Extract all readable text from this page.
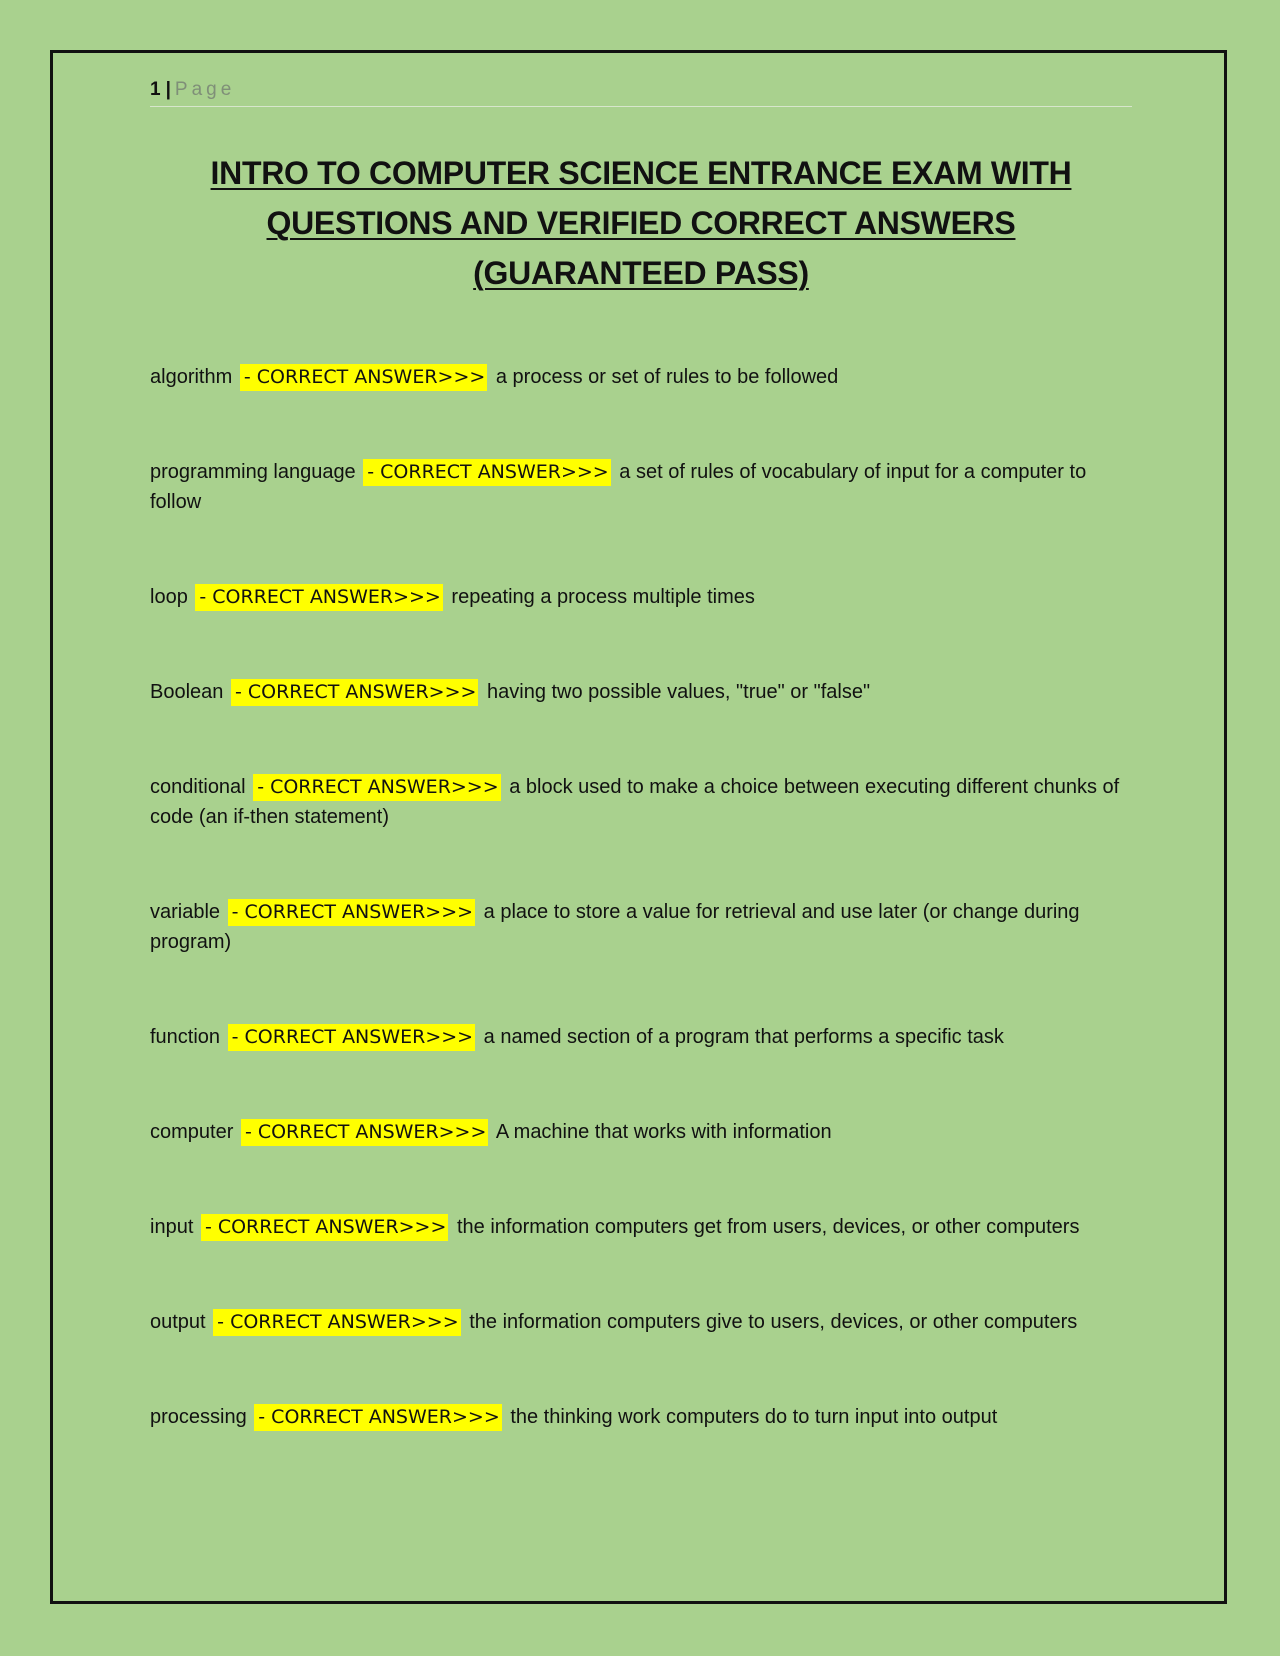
1 | Page
INTRO TO COMPUTER SCIENCE ENTRANCE EXAM WITH QUESTIONS AND VERIFIED CORRECT ANSWERS (GUARANTEED PASS)

algorithm - CORRECT ANSWER>>> a process or set of rules to be followed

programming language - CORRECT ANSWER>>> a set of rules of vocabulary of input for a computer to follow

loop - CORRECT ANSWER>>> repeating a process multiple times

Boolean - CORRECT ANSWER>>> having two possible values, "true" or "false"

conditional - CORRECT ANSWER>>> a block used to make a choice between executing different chunks of code (an if-then statement)

variable - CORRECT ANSWER>>> a place to store a value for retrieval and use later (or change during program)

function - CORRECT ANSWER>>> a named section of a program that performs a specific task

computer - CORRECT ANSWER>>> A machine that works with information

input - CORRECT ANSWER>>> the information computers get from users, devices, or other computers

output - CORRECT ANSWER>>> the information computers give to users, devices, or other computers

processing - CORRECT ANSWER>>> the thinking work computers do to turn input into output
